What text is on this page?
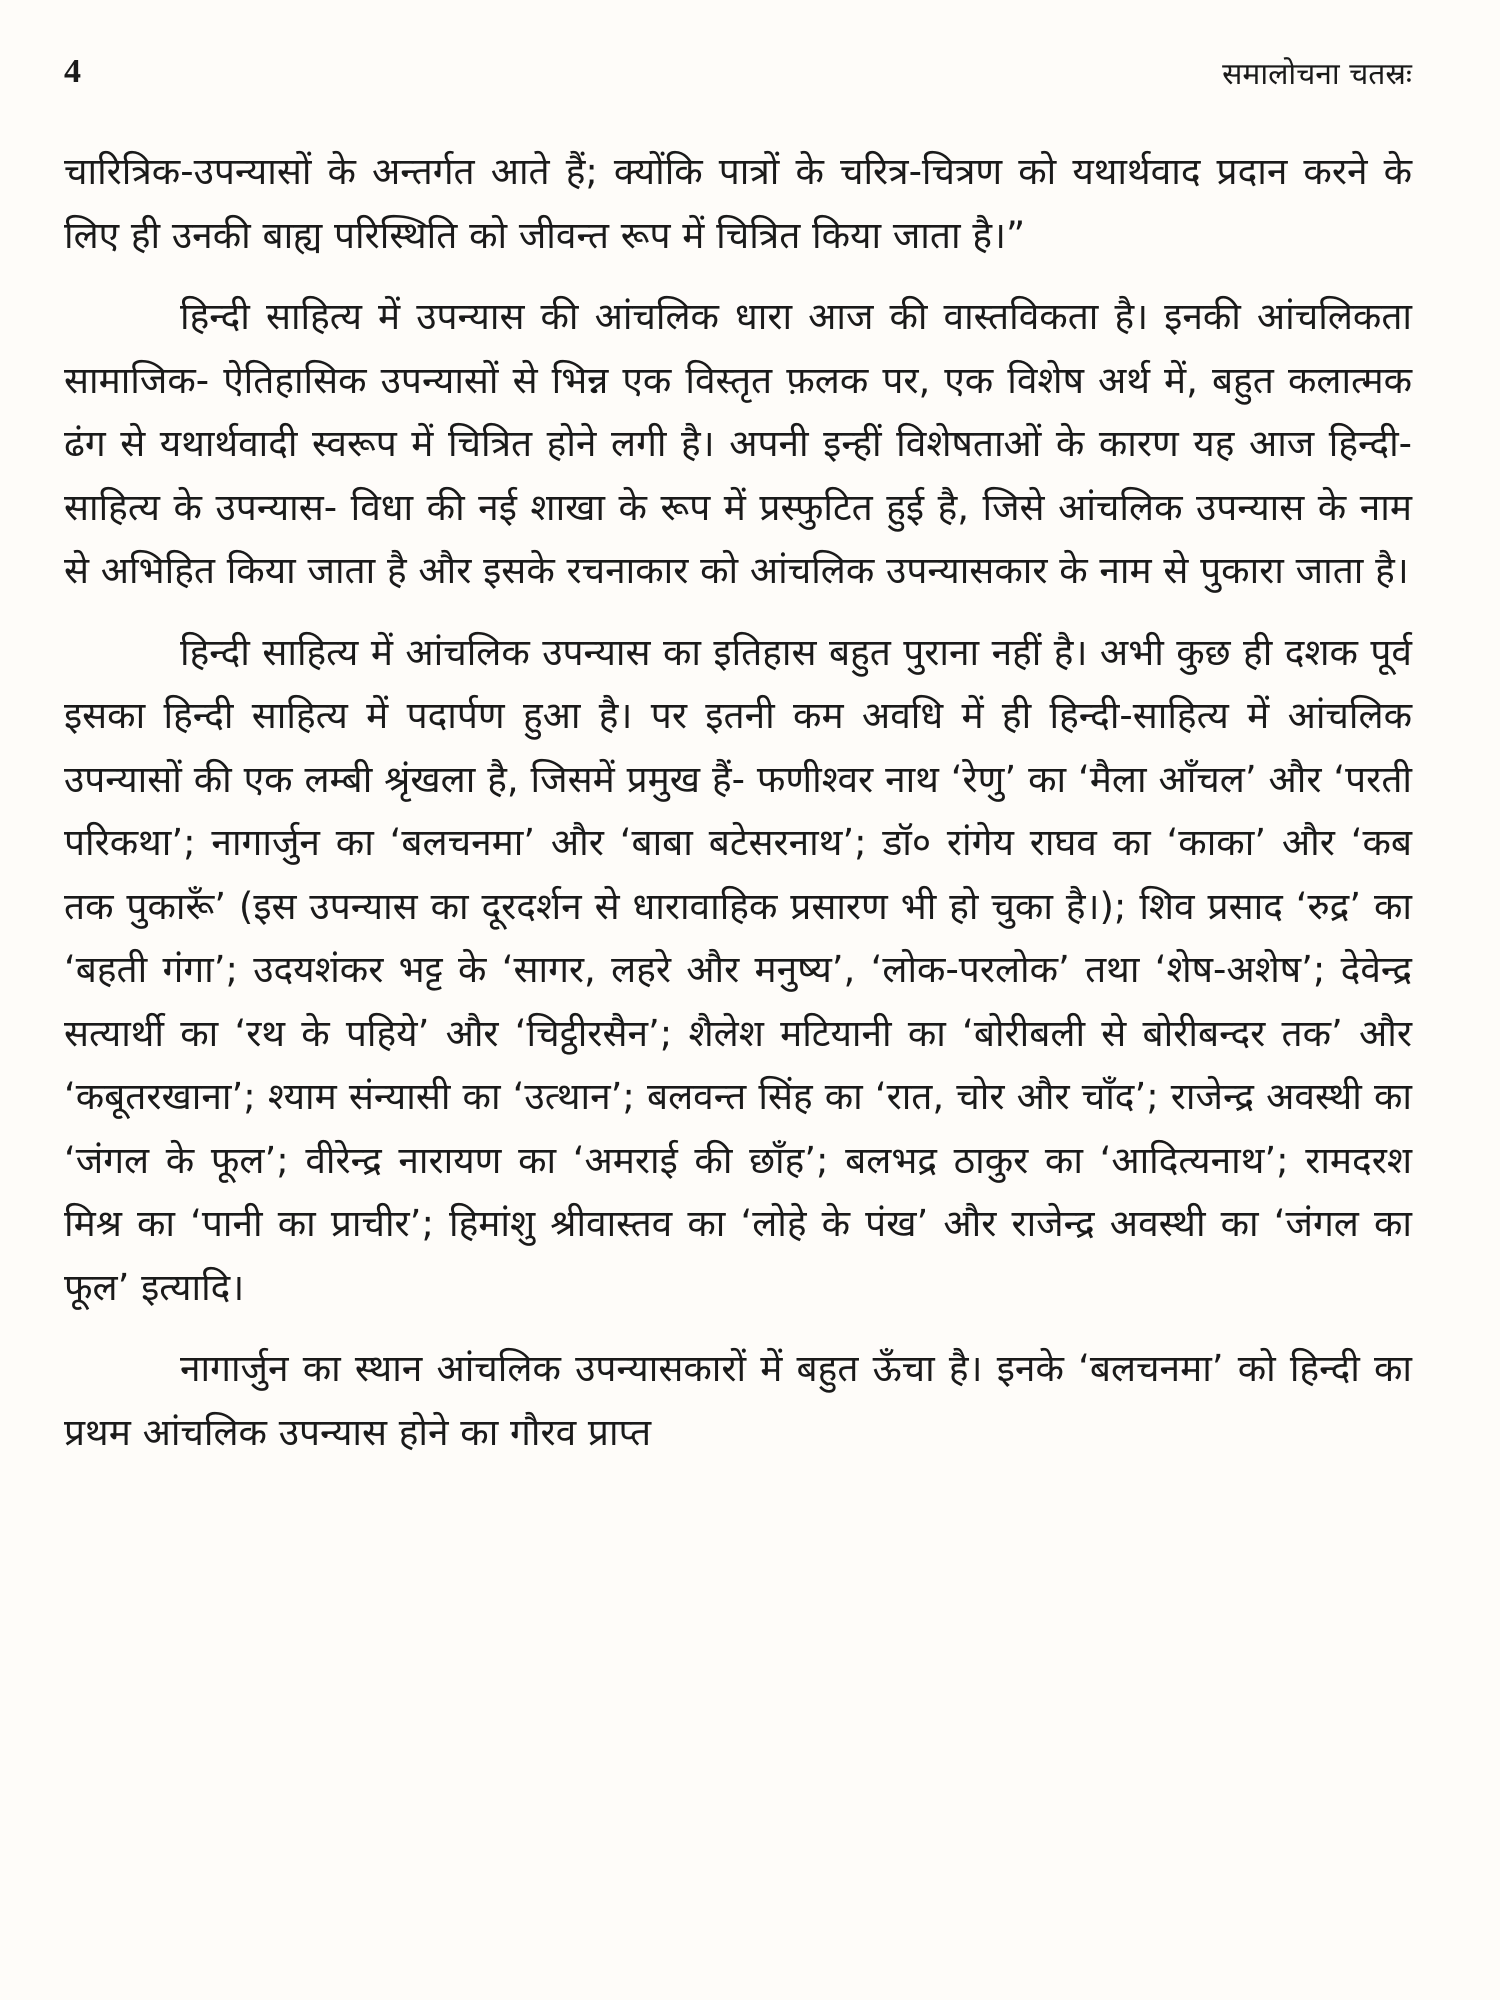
4	समालोचना चतस्रः

चारित्रिक-उपन्यासों के अन्तर्गत आते हैं; क्योंकि पात्रों के चरित्र-चित्रण को यथार्थवाद प्रदान करने के लिए ही उनकी बाह्य परिस्थिति को जीवन्त रूप में चित्रित किया जाता है।”

हिन्दी साहित्य में उपन्यास की आंचलिक धारा आज की वास्तविकता है। इनकी आंचलिकता सामाजिक- ऐतिहासिक उपन्यासों से भिन्न एक विस्तृत फ़लक पर, एक विशेष अर्थ में, बहुत कलात्मक ढंग से यथार्थवादी स्वरूप में चित्रित होने लगी है। अपनी इन्हीं विशेषताओं के कारण यह आज हिन्दी- साहित्य के उपन्यास- विधा की नई शाखा के रूप में प्रस्फुटित हुई है, जिसे आंचलिक उपन्यास के नाम से अभिहित किया जाता है और इसके रचनाकार को आंचलिक उपन्यासकार के नाम से पुकारा जाता है।

हिन्दी साहित्य में आंचलिक उपन्यास का इतिहास बहुत पुराना नहीं है। अभी कुछ ही दशक पूर्व इसका हिन्दी साहित्य में पदार्पण हुआ है। पर इतनी कम अवधि में ही हिन्दी-साहित्य में आंचलिक उपन्यासों की एक लम्बी श्रृंखला है, जिसमें प्रमुख हैं- फणीश्वर नाथ ‘रेणु’ का ‘मैला आँचल’ और ‘परती परिकथा’; नागार्जुन का ‘बलचनमा’ और ‘बाबा बटेसरनाथ’; डॉ० रांगेय राघव का ‘काका’ और ‘कब तक पुकारूँ’ (इस उपन्यास का दूरदर्शन से धारावाहिक प्रसारण भी हो चुका है।); शिव प्रसाद ‘रुद्र’ का ‘बहती गंगा’; उदयशंकर भट्ट के ‘सागर, लहरे और मनुष्य’, ‘लोक-परलोक’ तथा ‘शेष-अशेष’; देवेन्द्र सत्यार्थी का ‘रथ के पहिये’ और ‘चिट्ठीरसैन’; शैलेश मटियानी का ‘बोरीबली से बोरीबन्दर तक’ और ‘कबूतरखाना’; श्याम संन्यासी का ‘उत्थान’; बलवन्त सिंह का ‘रात, चोर और चाँद’; राजेन्द्र अवस्थी का ‘जंगल के फूल’; वीरेन्द्र नारायण का ‘अमराई की छाँह’; बलभद्र ठाकुर का ‘आदित्यनाथ’; रामदरश मिश्र का ‘पानी का प्राचीर’; हिमांशु श्रीवास्तव का ‘लोहे के पंख’ और राजेन्द्र अवस्थी का ‘जंगल का फूल’ इत्यादि।

नागार्जुन का स्थान आंचलिक उपन्यासकारों में बहुत ऊँचा है। इनके ‘बलचनमा’ को हिन्दी का प्रथम आंचलिक उपन्यास होने का गौरव प्राप्त
